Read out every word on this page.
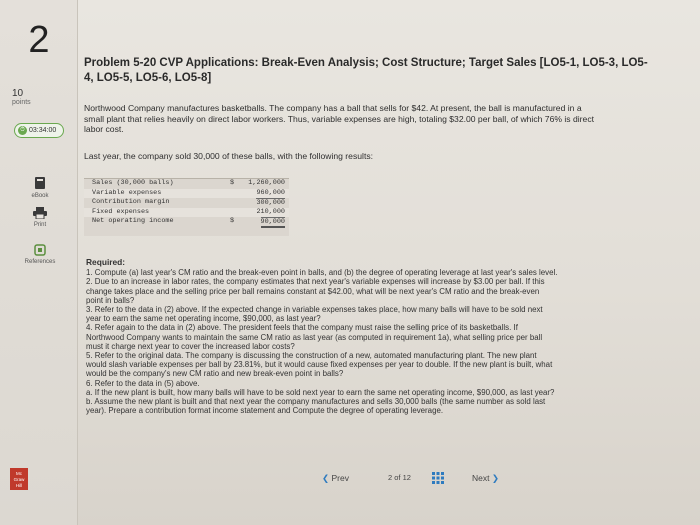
2
10
points
⏱ 03:34:00
eBook
Print
References
Mc
Graw
Hill
Problem 5-20 CVP Applications: Break-Even Analysis; Cost Structure; Target Sales [LO5-1, LO5-3, LO5-
4, LO5-5, LO5-6, LO5-8]
Northwood Company manufactures basketballs. The company has a ball that sells for $42. At present, the ball is manufactured in a
small plant that relies heavily on direct labor workers. Thus, variable expenses are high, totaling $32.00 per ball, of which 76% is direct
labor cost.
Last year, the company sold 30,000 of these balls, with the following results:
Sales (30,000 balls)	$ 1,260,000
Variable expenses	960,000
Contribution margin	300,000
Fixed expenses	210,000
Net operating income	$	90,000
Required:

1. Compute (a) last year's CM ratio and the break-even point in balls, and (b) the degree of operating leverage at last year's sales level.

2. Due to an increase in labor rates, the company estimates that next year's variable expenses will increase by $3.00 per ball. If this

change takes place and the selling price per ball remains constant at $42.00, what will be next year's CM ratio and the break-even

point in balls?

3. Refer to the data in (2) above. If the expected change in variable expenses takes place, how many balls will have to be sold next

year to earn the same net operating income, $90,000, as last year?

4. Refer again to the data in (2) above. The president feels that the company must raise the selling price of its basketballs. If

Northwood Company wants to maintain the same CM ratio as last year (as computed in requirement 1a), what selling price per ball

must it charge next year to cover the increased labor costs?

5. Refer to the original data. The company is discussing the construction of a new, automated manufacturing plant. The new plant

would slash variable expenses per ball by 23.81%, but it would cause fixed expenses per year to double. If the new plant is built, what

would be the company's new CM ratio and new break-even point in balls?

6. Refer to the data in (5) above.

a. If the new plant is built, how many balls will have to be sold next year to earn the same net operating income, $90,000, as last year?

b. Assume the new plant is built and that next year the company manufactures and sells 30,000 balls (the same number as sold last

year). Prepare a contribution format income statement and Compute the degree of operating leverage.

❮ Prev	2 of 12	Next ❯
